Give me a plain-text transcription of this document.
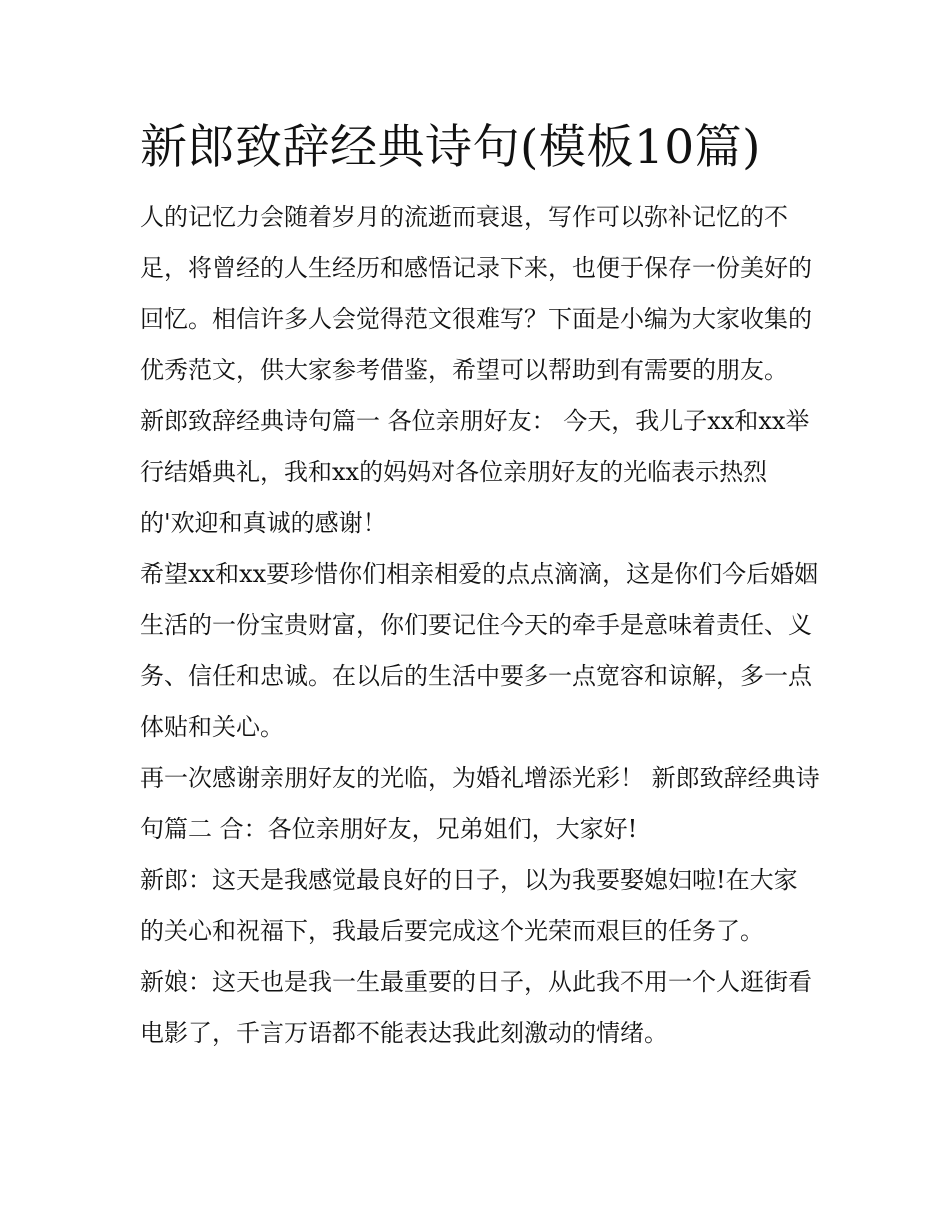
新郎致辞经典诗句(模板10篇)

人的记忆力会随着岁月的流逝而衰退，写作可以弥补记忆的不足，将曾经的人生经历和感悟记录下来，也便于保存一份美好的回忆。相信许多人会觉得范文很难写？下面是小编为大家收集的优秀范文，供大家参考借鉴，希望可以帮助到有需要的朋友。

新郎致辞经典诗句篇一 各位亲朋好友： 今天，我儿子xx和xx举行结婚典礼，我和xx的妈妈对各位亲朋好友的光临表示热烈的'欢迎和真诚的感谢！

希望xx和xx要珍惜你们相亲相爱的点点滴滴，这是你们今后婚姻生活的一份宝贵财富，你们要记住今天的牵手是意味着责任、义务、信任和忠诚。在以后的生活中要多一点宽容和谅解，多一点体贴和关心。

再一次感谢亲朋好友的光临，为婚礼增添光彩！ 新郎致辞经典诗句篇二 合：各位亲朋好友，兄弟姐们，大家好!

新郎：这天是我感觉最良好的日子，以为我要娶媳妇啦!在大家的关心和祝福下，我最后要完成这个光荣而艰巨的任务了。

新娘：这天也是我一生最重要的日子，从此我不用一个人逛街看电影了，千言万语都不能表达我此刻激动的情绪。
